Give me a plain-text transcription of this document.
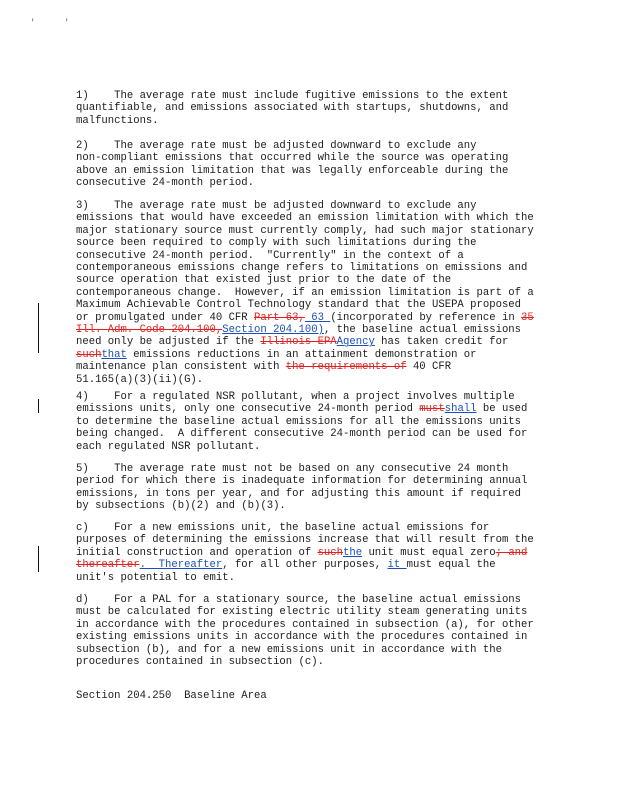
'	'
1)    The average rate must include fugitive emissions to the extent
quantifiable, and emissions associated with startups, shutdowns, and
malfunctions.
2)    The average rate must be adjusted downward to exclude any
non-compliant emissions that occurred while the source was operating
above an emission limitation that was legally enforceable during the
consecutive 24-month period.
3)    The average rate must be adjusted downward to exclude any
emissions that would have exceeded an emission limitation with which the
major stationary source must currently comply, had such major stationary
source been required to comply with such limitations during the
consecutive 24-month period.  "Currently" in the context of a
contemporaneous emissions change refers to limitations on emissions and
source operation that existed just prior to the date of the
contemporaneous change.  However, if an emission limitation is part of a
Maximum Achievable Control Technology standard that the USEPA proposed
or promulgated under 40 CFR Part 63, 63 (incorporated by reference in 35
Ill. Adm. Code 204.100,Section 204.100), the baseline actual emissions
need only be adjusted if the Illinois EPAAgency has taken credit for
suchthat emissions reductions in an attainment demonstration or
maintenance plan consistent with the requirements of 40 CFR
51.165(a)(3)(ii)(G).
4)    For a regulated NSR pollutant, when a project involves multiple
emissions units, only one consecutive 24-month period mustshall be used
to determine the baseline actual emissions for all the emissions units
being changed.  A different consecutive 24-month period can be used for
each regulated NSR pollutant.
5)    The average rate must not be based on any consecutive 24 month
period for which there is inadequate information for determining annual
emissions, in tons per year, and for adjusting this amount if required
by subsections (b)(2) and (b)(3).
c)    For a new emissions unit, the baseline actual emissions for
purposes of determining the emissions increase that will result from the
initial construction and operation of suchthe unit must equal zero; and
thereafter.  Thereafter, for all other purposes, it must equal the
unit's potential to emit.
d)    For a PAL for a stationary source, the baseline actual emissions
must be calculated for existing electric utility steam generating units
in accordance with the procedures contained in subsection (a), for other
existing emissions units in accordance with the procedures contained in
subsection (b), and for a new emissions unit in accordance with the
procedures contained in subsection (c).
Section 204.250  Baseline Area
